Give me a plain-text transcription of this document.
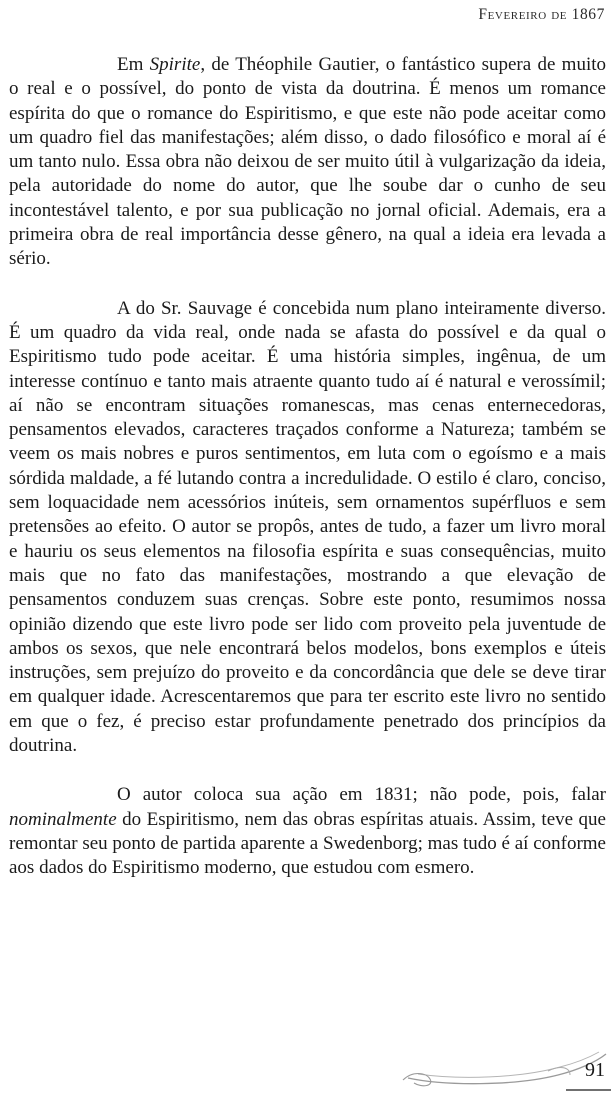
Fevereiro de 1867

Em Spirite, de Théophile Gautier, o fantástico supera de muito o real e o possível, do ponto de vista da doutrina. É menos um romance espírita do que o romance do Espiritismo, e que este não pode aceitar como um quadro fiel das manifestações; além disso, o dado filosófico e moral aí é um tanto nulo. Essa obra não deixou de ser muito útil à vulgarização da ideia, pela autoridade do nome do autor, que lhe soube dar o cunho de seu incontestável talento, e por sua publicação no jornal oficial. Ademais, era a primeira obra de real importância desse gênero, na qual a ideia era levada a sério.

A do Sr. Sauvage é concebida num plano inteiramente diverso. É um quadro da vida real, onde nada se afasta do possível e da qual o Espiritismo tudo pode aceitar. É uma história simples, ingênua, de um interesse contínuo e tanto mais atraente quanto tudo aí é natural e verossímil; aí não se encontram situações romanescas, mas cenas enternecedoras, pensamentos elevados, caracteres traçados conforme a Natureza; também se veem os mais nobres e puros sentimentos, em luta com o egoísmo e a mais sórdida maldade, a fé lutando contra a incredulidade. O estilo é claro, conciso, sem loquacidade nem acessórios inúteis, sem ornamentos supérfluos e sem pretensões ao efeito. O autor se propôs, antes de tudo, a fazer um livro moral e hauriu os seus elementos na filosofia espírita e suas consequências, muito mais que no fato das manifestações, mostrando a que elevação de pensamentos conduzem suas crenças. Sobre este ponto, resumimos nossa opinião dizendo que este livro pode ser lido com proveito pela juventude de ambos os sexos, que nele encontrará belos modelos, bons exemplos e úteis instruções, sem prejuízo do proveito e da concordância que dele se deve tirar em qualquer idade. Acrescentaremos que para ter escrito este livro no sentido em que o fez, é preciso estar profundamente penetrado dos princípios da doutrina.

O autor coloca sua ação em 1831; não pode, pois, falar nominalmente do Espiritismo, nem das obras espíritas atuais. Assim, teve que remontar seu ponto de partida aparente a Swedenborg; mas tudo é aí conforme aos dados do Espiritismo moderno, que estudou com esmero.

91
